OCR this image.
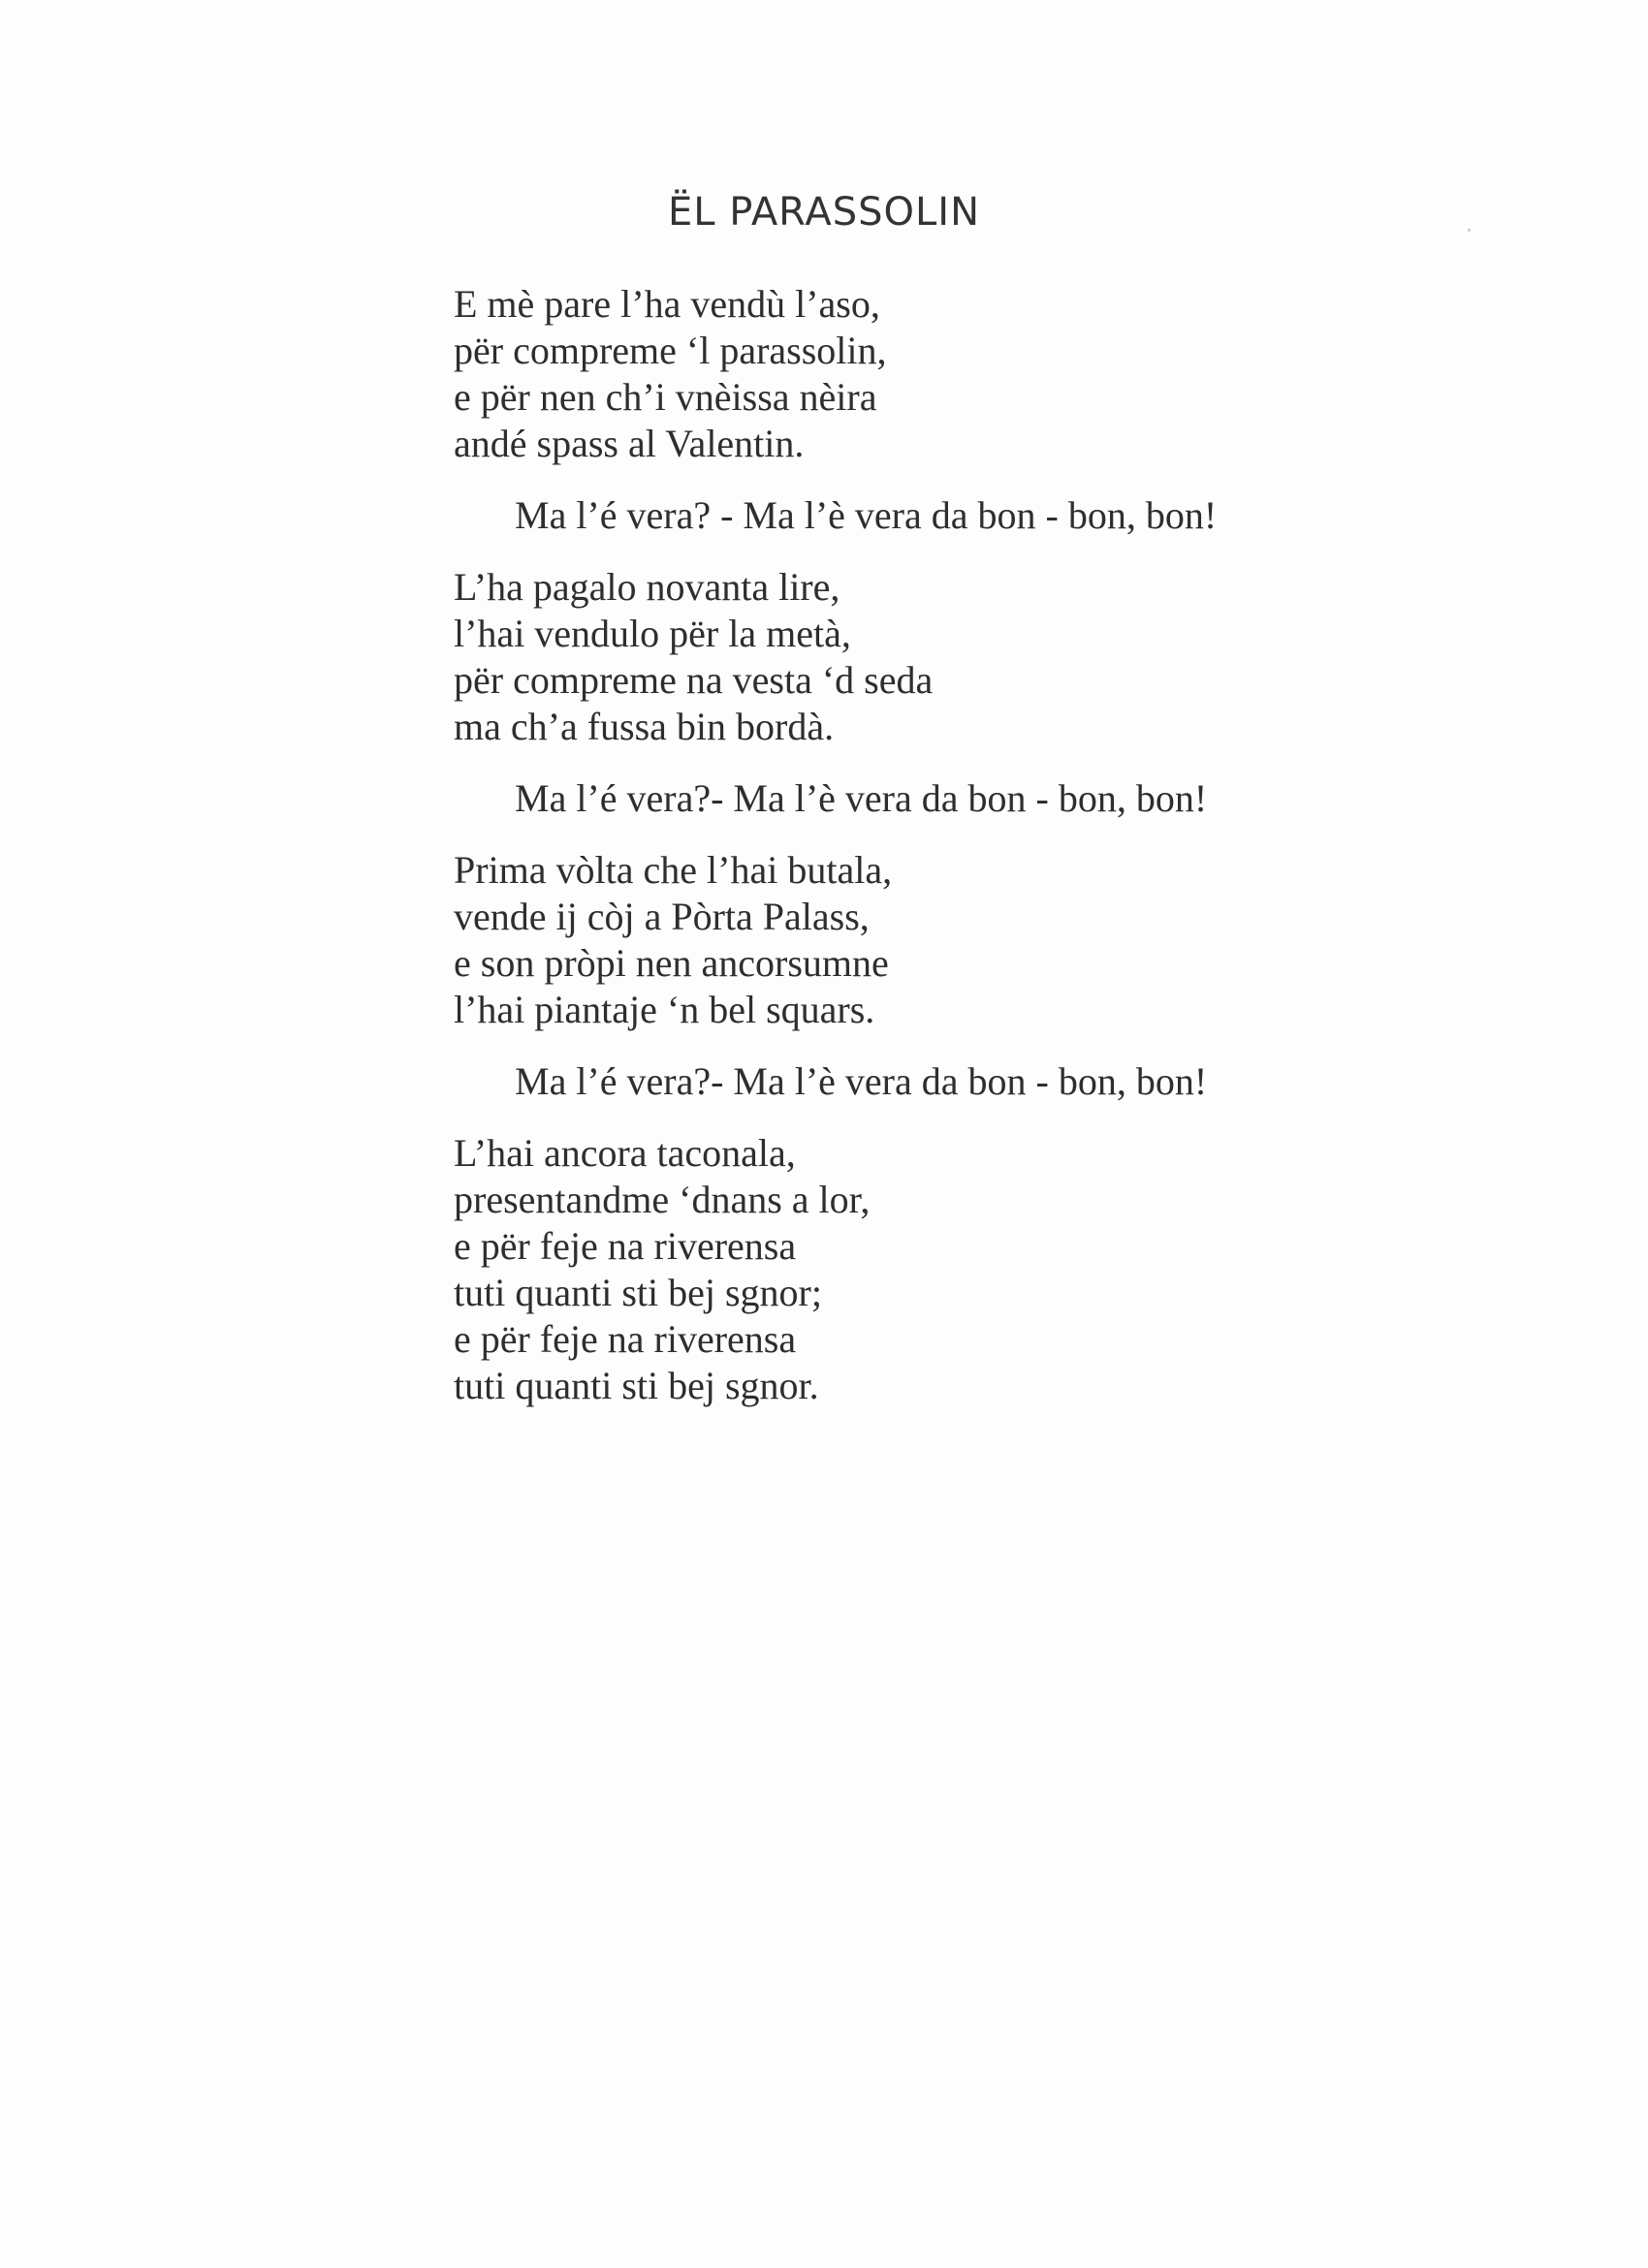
ËL PARASSOLIN
E mè pare l’ha vendù l’aso,
për compreme ‘l parassolin,
e për nen ch’i vnèissa nèira
andé spass al Valentin.
Ma l’é vera? - Ma l’è vera da bon - bon, bon!
L’ha pagalo novanta lire,
l’hai vendulo për la metà,
për compreme na vesta ‘d seda
ma ch’a fussa bin bordà.
Ma l’é vera?- Ma l’è vera da bon - bon, bon!
Prima vòlta che l’hai butala,
vende ij còj a Pòrta Palass,
e son pròpi nen ancorsumne
l’hai piantaje ‘n bel squars.
Ma l’é vera?- Ma l’è vera da bon - bon, bon!
L’hai ancora taconala,
presentandme ‘dnans a lor,
e për feje na riverensa
tuti quanti sti bej sgnor;
e për feje na riverensa
tuti quanti sti bej sgnor.
